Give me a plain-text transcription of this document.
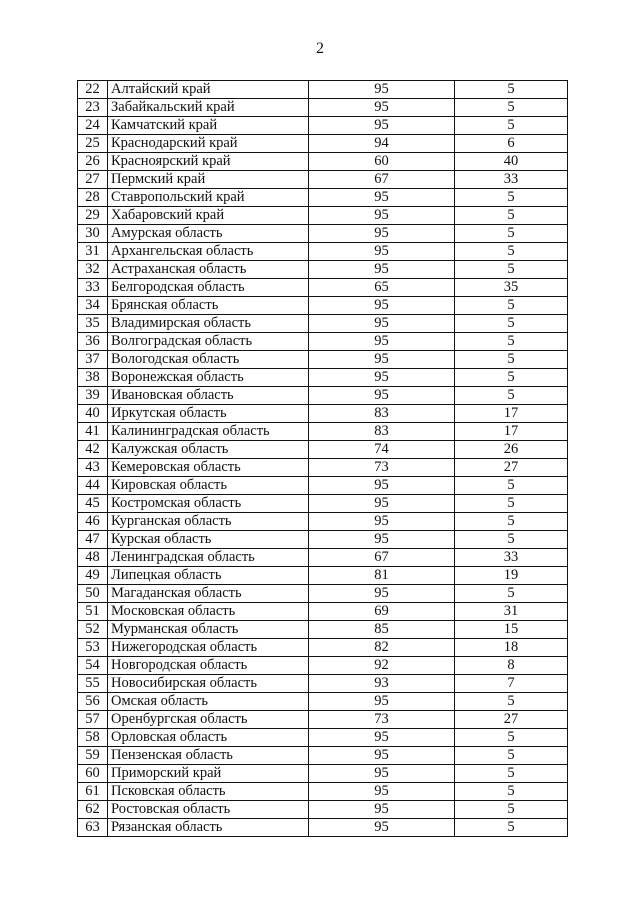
2
22	Алтайский край	95	5
23	Забайкальский край	95	5
24	Камчатский край	95	5
25	Краснодарский край	94	6
26	Красноярский край	60	40
27	Пермский край	67	33
28	Ставропольский край	95	5
29	Хабаровский край	95	5
30	Амурская область	95	5
31	Архангельская область	95	5
32	Астраханская область	95	5
33	Белгородская область	65	35
34	Брянская область	95	5
35	Владимирская область	95	5
36	Волгоградская область	95	5
37	Вологодская область	95	5
38	Воронежская область	95	5
39	Ивановская область	95	5
40	Иркутская область	83	17
41	Калининградская область	83	17
42	Калужская область	74	26
43	Кемеровская область	73	27
44	Кировская область	95	5
45	Костромская область	95	5
46	Курганская область	95	5
47	Курская область	95	5
48	Ленинградская область	67	33
49	Липецкая область	81	19
50	Магаданская область	95	5
51	Московская область	69	31
52	Мурманская область	85	15
53	Нижегородская область	82	18
54	Новгородская область	92	8
55	Новосибирская область	93	7
56	Омская область	95	5
57	Оренбургская область	73	27
58	Орловская область	95	5
59	Пензенская область	95	5
60	Приморский край	95	5
61	Псковская область	95	5
62	Ростовская область	95	5
63	Рязанская область	95	5
